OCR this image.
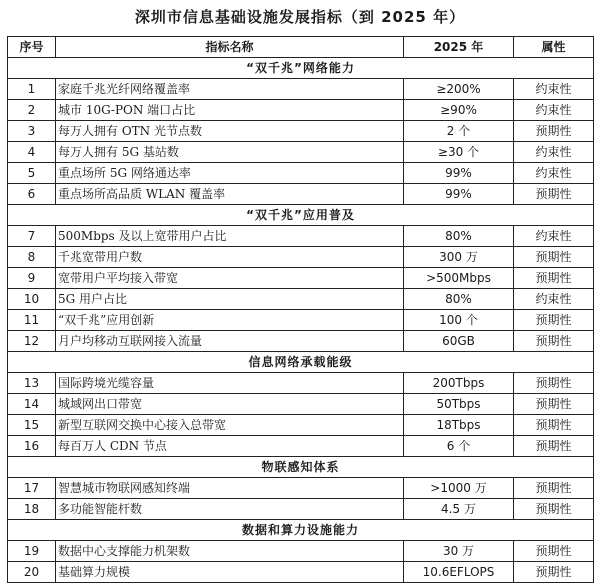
深圳市信息基础设施发展指标（到 2025 年）
序号	指标名称	2025 年	属性
“双千兆”网络能力			
1	家庭千兆光纤网络覆盖率	≥200%	约束性
2	城市 10G-PON 端口占比	≥90%	约束性
3	每万人拥有 OTN 光节点数	2 个	预期性
4	每万人拥有 5G 基站数	≥30 个	约束性
5	重点场所 5G 网络通达率	99%	约束性
6	重点场所高品质 WLAN 覆盖率	99%	预期性
“双千兆”应用普及			
7	500Mbps 及以上宽带用户占比	80%	约束性
8	千兆宽带用户数	300 万	预期性
9	宽带用户平均接入带宽	>500Mbps	预期性
10	5G 用户占比	80%	约束性
11	“双千兆”应用创新	100 个	预期性
12	月户均移动互联网接入流量	60GB	预期性
信息网络承载能级			
13	国际跨境光缆容量	200Tbps	预期性
14	城域网出口带宽	50Tbps	预期性
15	新型互联网交换中心接入总带宽	18Tbps	预期性
16	每百万人 CDN 节点	6 个	预期性
物联感知体系			
17	智慧城市物联网感知终端	>1000 万	预期性
18	多功能智能杆数	4.5 万	预期性
数据和算力设施能力			
19	数据中心支撑能力机架数	30 万	预期性
20	基础算力规模	10.6EFLOPS	预期性
